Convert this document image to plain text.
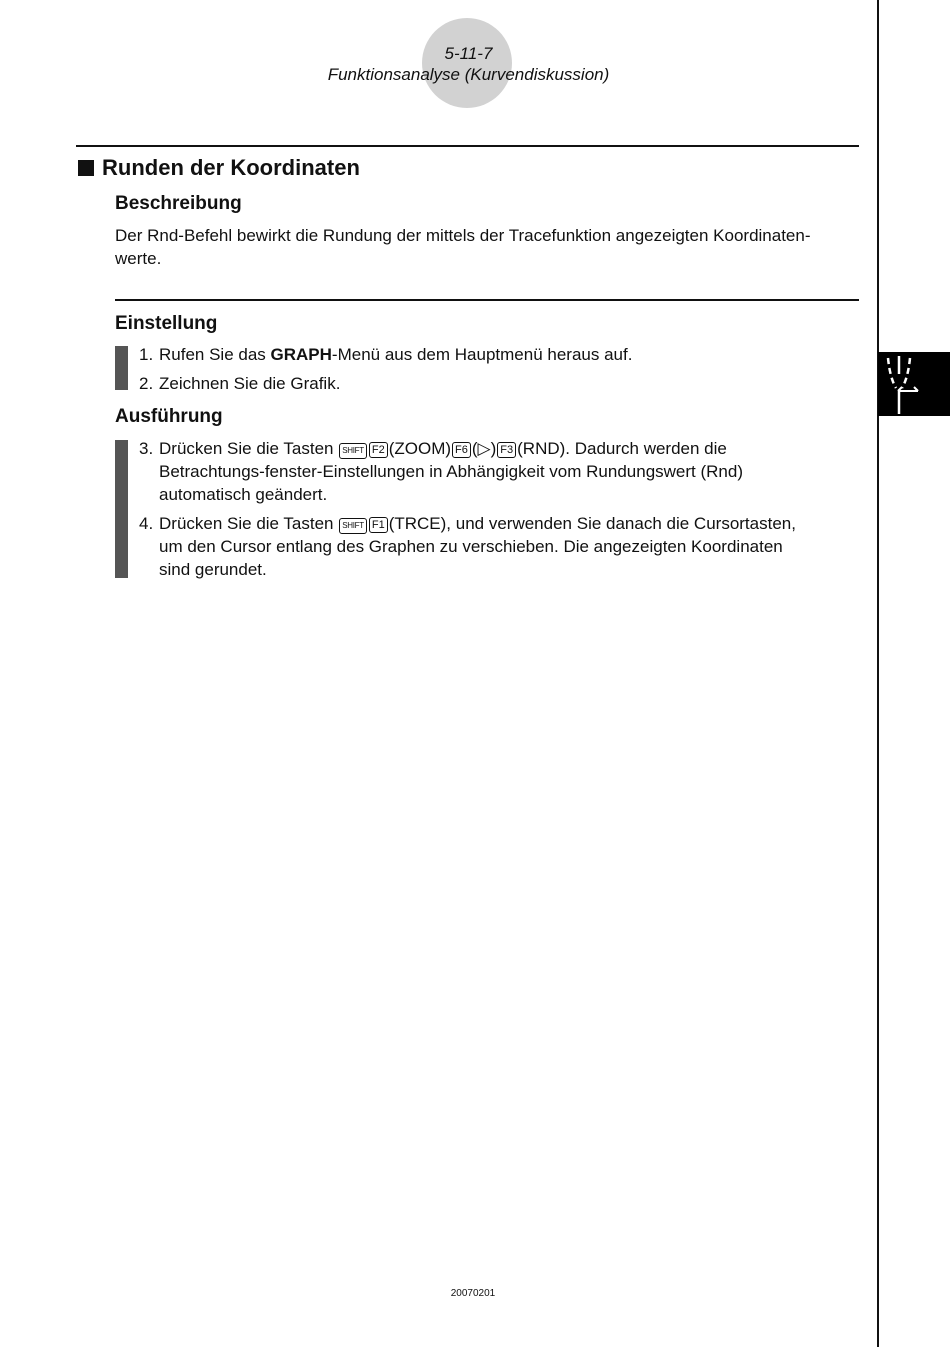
5-11-7
Funktionsanalyse (Kurvendiskussion)
Runden der Koordinaten
Beschreibung
Der Rnd-Befehl bewirkt die Rundung der mittels der Tracefunktion angezeigten Koordinaten-
werte.
Einstellung
1. Rufen Sie das GRAPH-Menü aus dem Hauptmenü heraus auf.
2. Zeichnen Sie die Grafik.
Ausführung
3. Drücken Sie die Tasten SHIFT F2 (ZOOM) F6 (▷) F3 (RND). Dadurch werden die
Betrachtungs-fenster-Einstellungen in Abhängigkeit vom Rundungswert (Rnd)
automatisch geändert.
4. Drücken Sie die Tasten SHIFT F1 (TRCE), und verwenden Sie danach die Cursortasten,
um den Cursor entlang des Graphen zu verschieben. Die angezeigten Koordinaten
sind gerundet.
20070201
